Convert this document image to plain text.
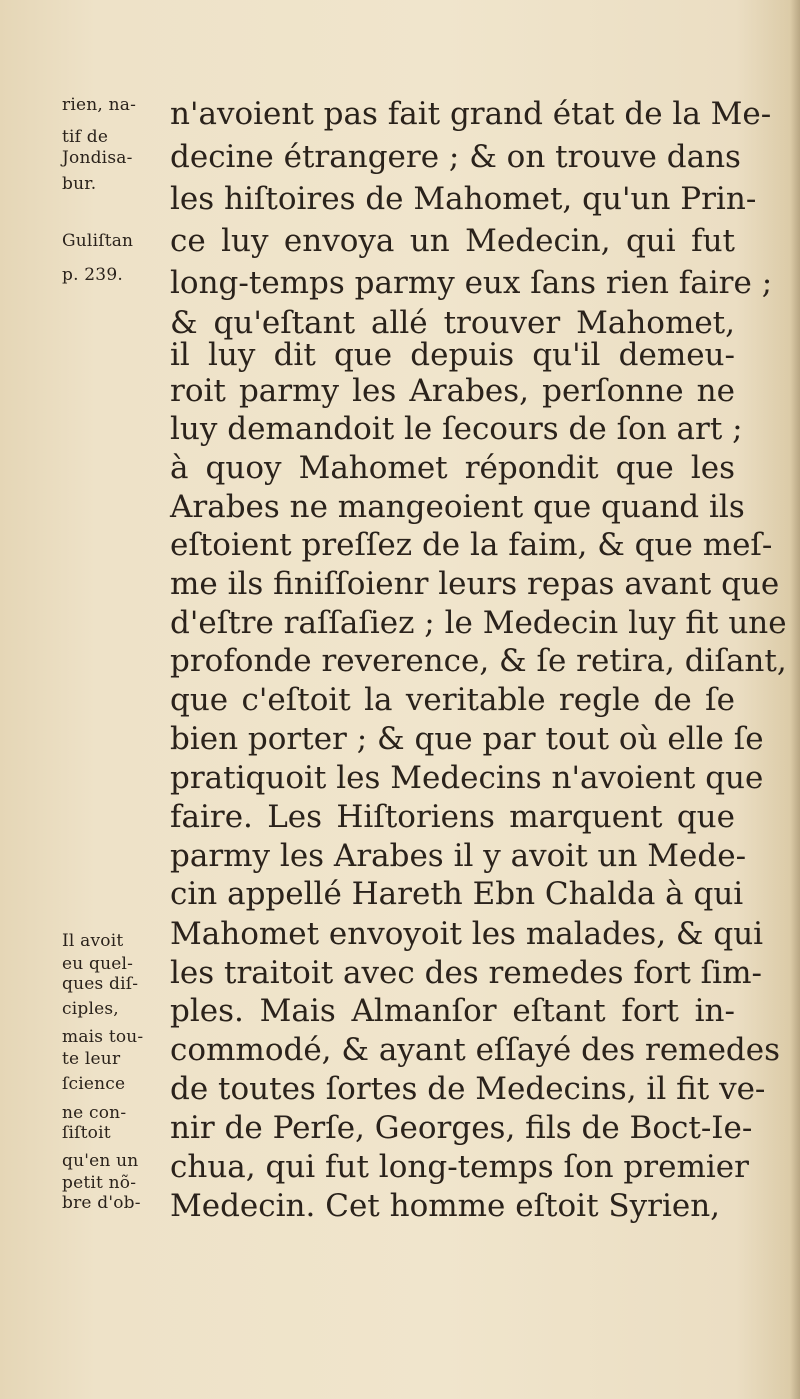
rien, na-
tif de
Jondisa-
bur.
Guliſtan
p. 239.
Il avoit
eu quel-
ques diſ-
ciples,
mais tou-
te leur
ſcience
ne con-
ſiſtoit
qu'en un
petit nõ-
bre d'ob-
n'avoient pas fait grand état de la Me-
decine étrangere ; & on trouve dans
les hiſtoires de Mahomet, qu'un Prin-
ce luy envoya un Medecin, qui fut
long-temps parmy eux ſans rien faire ;
& qu'eſtant allé trouver Mahomet,
il luy dit que depuis qu'il demeu-
roit parmy les Arabes, perſonne ne
luy demandoit le ſecours de ſon art ;
à quoy Mahomet répondit que les
Arabes ne mangeoient que quand ils
eſtoient preſſez de la faim, & que meſ-
me ils finiſſoienr leurs repas avant que
d'eſtre raſſaſiez ; le Medecin luy fit une
profonde reverence, & ſe retira, diſant,
que c'eſtoit la veritable regle de ſe
bien porter ; & que par tout où elle ſe
pratiquoit les Medecins n'avoient que
faire. Les Hiſtoriens marquent que
parmy les Arabes il y avoit un Mede-
cin appellé Hareth Ebn Chalda à qui
Mahomet envoyoit les malades, & qui
les traitoit avec des remedes fort ſim-
ples. Mais Almanſor eſtant fort in-
commodé, & ayant eſſayé des remedes
de toutes ſortes de Medecins, il fit ve-
nir de Perſe, Georges, fils de Boct-Ie-
chua, qui fut long-temps ſon premier
Medecin. Cet homme eſtoit Syrien,
